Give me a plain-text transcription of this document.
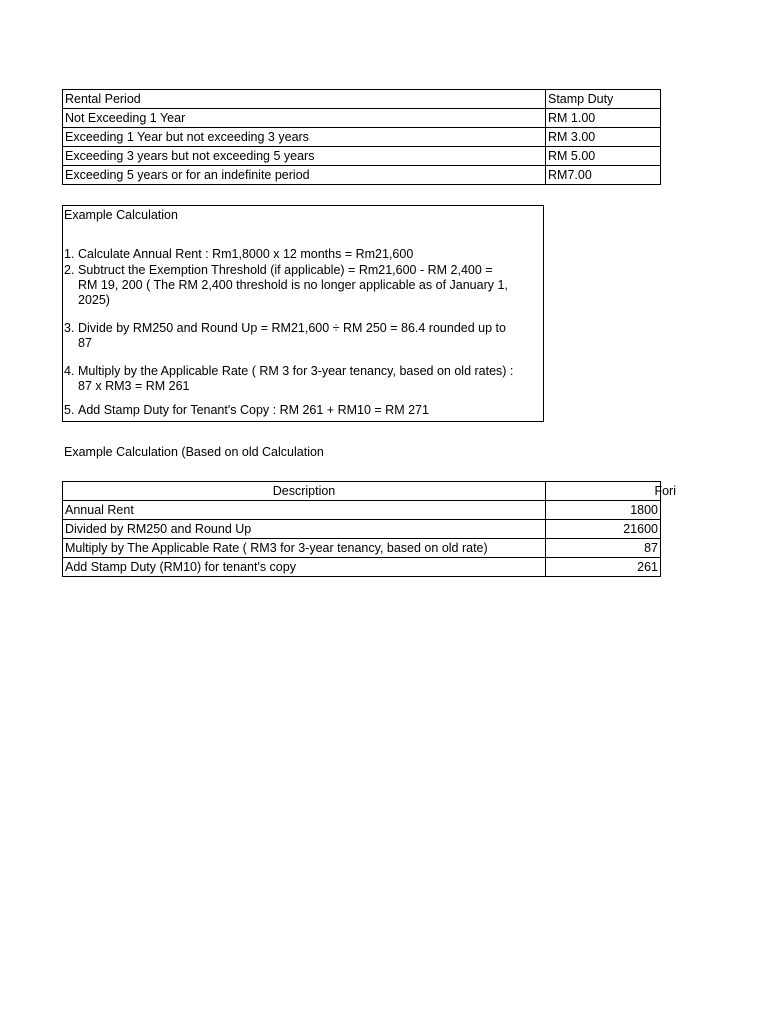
Rental Period	Stamp Duty
Not Exceeding 1 Year	RM 1.00
Exceeding 1 Year but not exceeding 3 years	RM 3.00
Exceeding 3 years but not exceeding 5 years	RM 5.00
Exceeding 5 years or for an indefinite period	RM7.00
Example Calculation
1. Calculate Annual Rent : Rm1,8000 x 12 months = Rm21,600
2. Subtruct the Exemption Threshold (if applicable) = Rm21,600 - RM 2,400 = RM 19, 200 ( The RM 2,400 threshold is no longer applicable as of January 1, 2025)
3. Divide by RM250 and Round Up = RM21,600 ÷ RM 250 = 86.4 rounded up to 87
4. Multiply by the Applicable Rate ( RM 3 for 3-year tenancy, based on old rates) : 87 x RM3 = RM 261
5. Add Stamp Duty for Tenant's Copy : RM 261 + RM10 = RM 271
Example Calculation (Based on old Calculation
Description	Fori
Annual Rent	1800
Divided by RM250 and Round Up	21600
Multiply by The Applicable Rate ( RM3 for 3-year tenancy, based on old rate)	87
Add Stamp Duty (RM10) for tenant's copy	261
